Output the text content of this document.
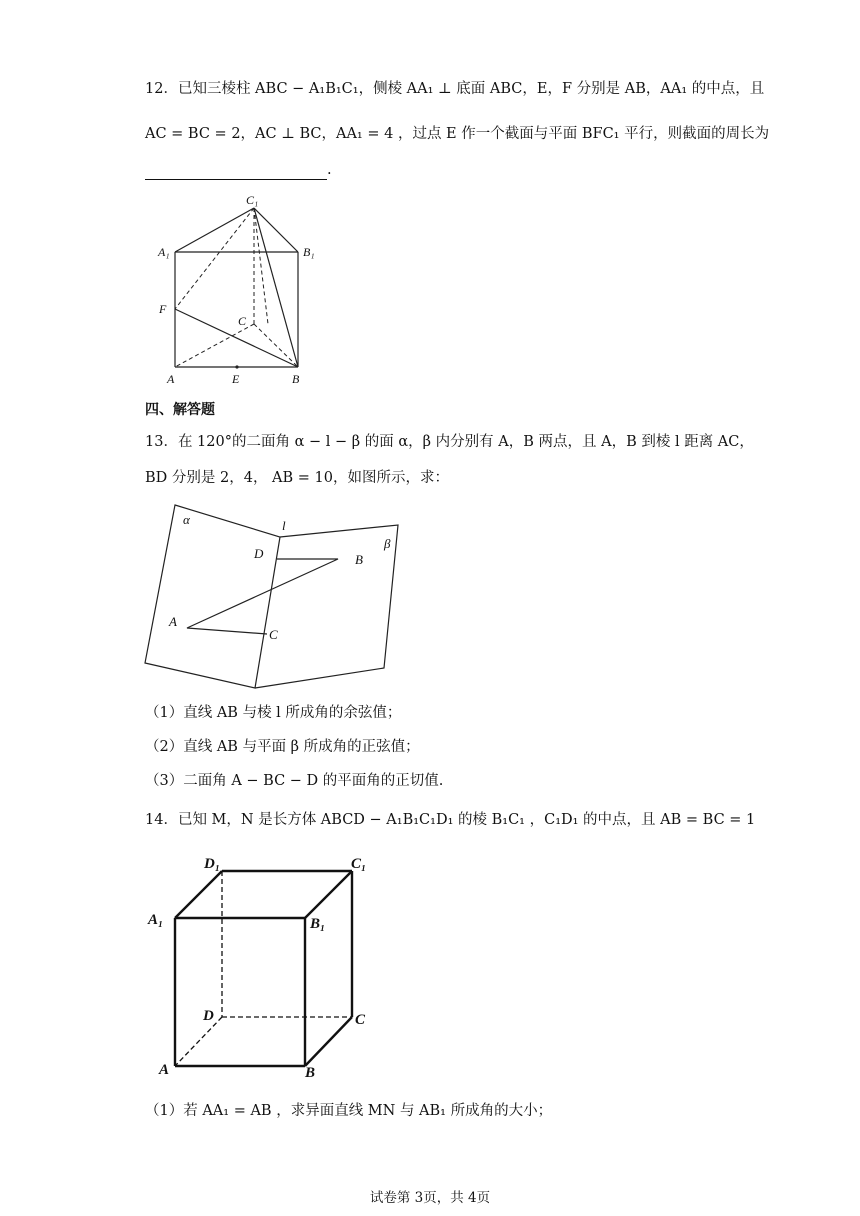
12．已知三棱柱 ABC − A₁B₁C₁，侧棱 AA₁ ⊥ 底面 ABC，E，F 分别是 AB，AA₁ 的中点，且
AC = BC = 2，AC ⊥ BC，AA₁ = 4 ，过点 E 作一个截面与平面 BFC₁ 平行，则截面的周长为
.
C₁
A₁	B₁
F
C
A	E	B
四、解答题
13．在 120°的二面角 α − l − β 的面 α，β 内分别有 A，B 两点，且 A，B 到棱 l 距离 AC，
BD 分别是 2，4， AB = 10，如图所示，求：
α	l
β
D	B
A
C
（1）直线 AB 与棱 l 所成角的余弦值；
（2）直线 AB 与平面 β 所成角的正弦值；
（3）二面角 A − BC − D 的平面角的正切值.
14．已知 M，N 是长方体 ABCD − A₁B₁C₁D₁ 的棱 B₁C₁ ，C₁D₁ 的中点，且 AB = BC = 1
D₁	C₁
A₁	B₁
D	C
A	B
（1）若 AA₁ = AB ，求异面直线 MN 与 AB₁ 所成角的大小；
试卷第 3页，共 4页
